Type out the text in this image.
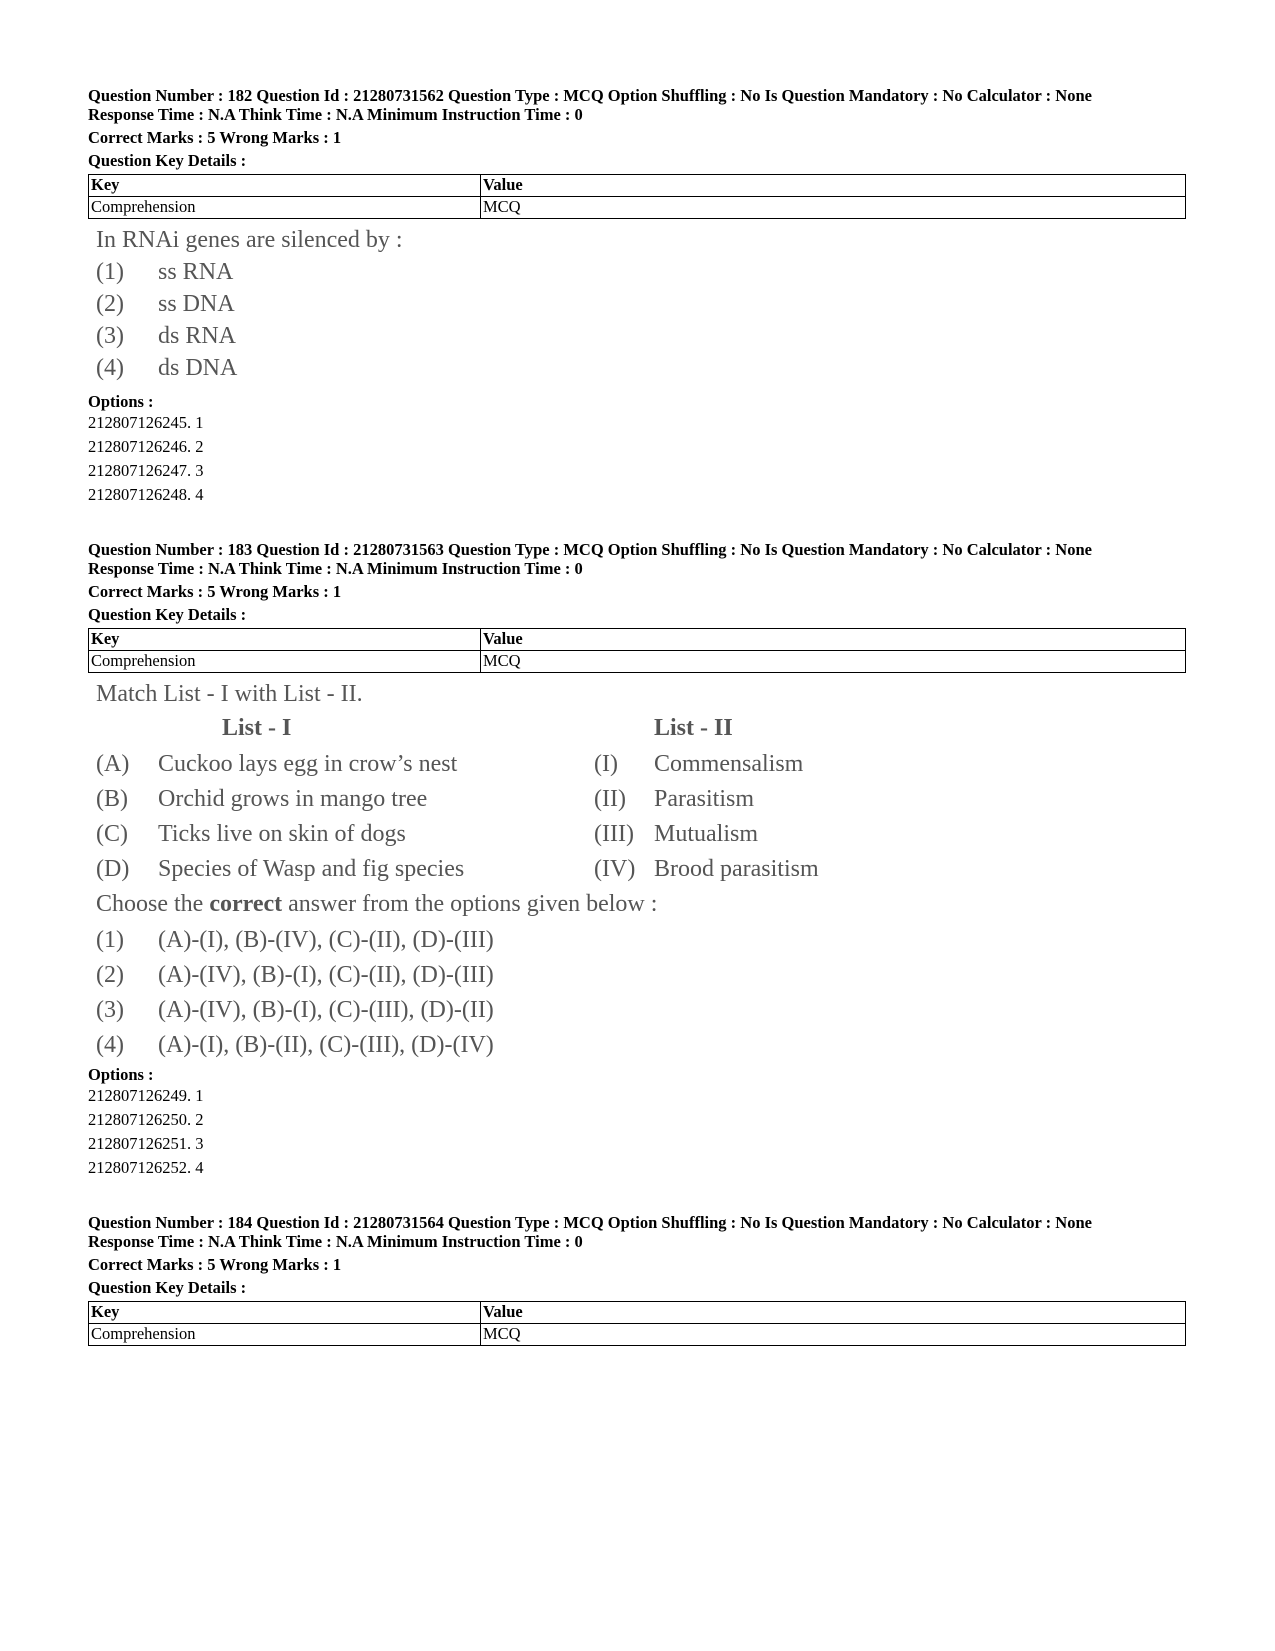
Question Number : 182 Question Id : 21280731562 Question Type : MCQ Option Shuffling : No Is Question Mandatory : No Calculator : None
Response Time : N.A Think Time : N.A Minimum Instruction Time : 0
Correct Marks : 5 Wrong Marks : 1
Question Key Details :
Key	Value
Comprehension	MCQ
In RNAi genes are silenced by :
(1) ss RNA
(2) ss DNA
(3) ds RNA
(4) ds DNA
Options :
212807126245. 1
212807126246. 2
212807126247. 3
212807126248. 4
Question Number : 183 Question Id : 21280731563 Question Type : MCQ Option Shuffling : No Is Question Mandatory : No Calculator : None
Response Time : N.A Think Time : N.A Minimum Instruction Time : 0
Correct Marks : 5 Wrong Marks : 1
Question Key Details :
Key	Value
Comprehension	MCQ
Match List - I with List - II.
List - I	List - II
(A) Cuckoo lays egg in crow’s nest	(I) Commensalism
(B) Orchid grows in mango tree	(II) Parasitism
(C) Ticks live on skin of dogs	(III) Mutualism
(D) Species of Wasp and fig species	(IV) Brood parasitism
Choose the correct answer from the options given below :
(1) (A)-(I), (B)-(IV), (C)-(II), (D)-(III)
(2) (A)-(IV), (B)-(I), (C)-(II), (D)-(III)
(3) (A)-(IV), (B)-(I), (C)-(III), (D)-(II)
(4) (A)-(I), (B)-(II), (C)-(III), (D)-(IV)
Options :
212807126249. 1
212807126250. 2
212807126251. 3
212807126252. 4
Question Number : 184 Question Id : 21280731564 Question Type : MCQ Option Shuffling : No Is Question Mandatory : No Calculator : None
Response Time : N.A Think Time : N.A Minimum Instruction Time : 0
Correct Marks : 5 Wrong Marks : 1
Question Key Details :
Key	Value
Comprehension	MCQ
